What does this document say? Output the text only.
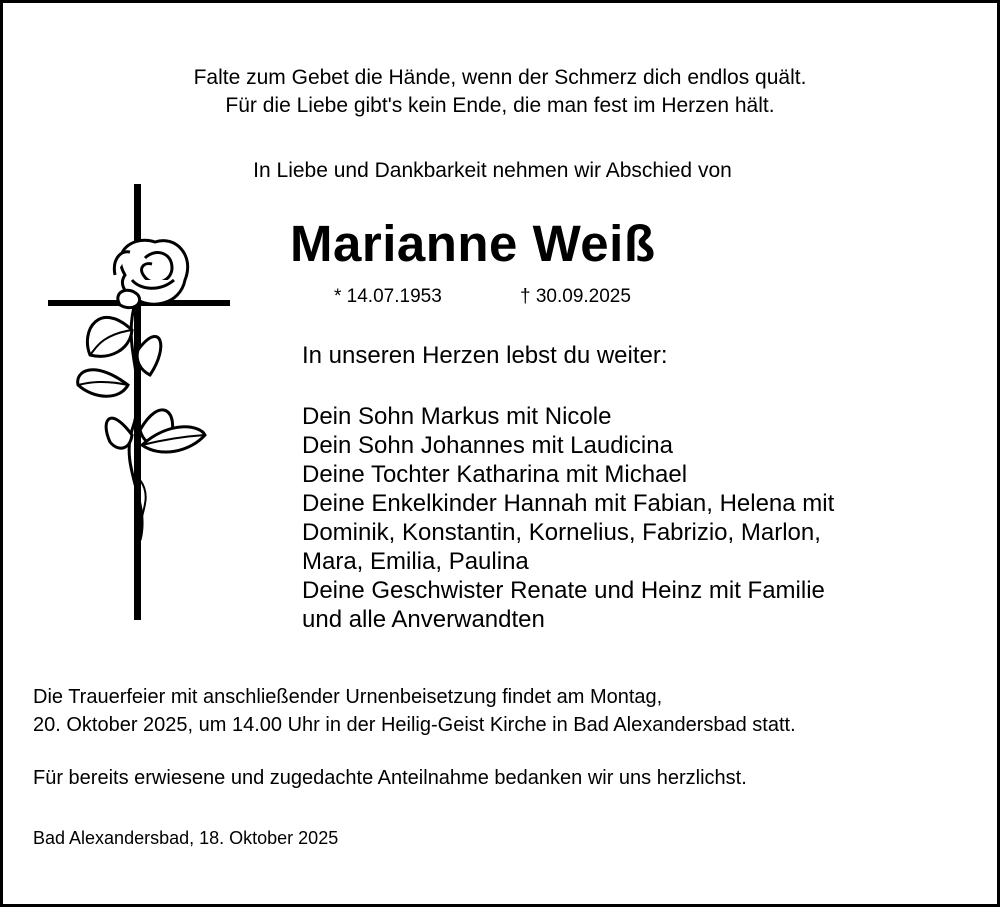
Falte zum Gebet die Hände, wenn der Schmerz dich endlos quält.
Für die Liebe gibt's kein Ende, die man fest im Herzen hält.
In Liebe und Dankbarkeit nehmen wir Abschied von
Marianne Weiß
* 14.07.1953	† 30.09.2025
In unseren Herzen lebst du weiter:
Dein Sohn Markus mit Nicole
Dein Sohn Johannes mit Laudicina
Deine Tochter Katharina mit Michael
Deine Enkelkinder Hannah mit Fabian, Helena mit
Dominik, Konstantin, Kornelius, Fabrizio, Marlon,
Mara, Emilia, Paulina
Deine Geschwister Renate und Heinz mit Familie
und alle Anverwandten
Die Trauerfeier mit anschließender Urnenbeisetzung findet am Montag,
20. Oktober 2025, um 14.00 Uhr in der Heilig-Geist Kirche in Bad Alexandersbad statt.
Für bereits erwiesene und zugedachte Anteilnahme bedanken wir uns herzlichst.
Bad Alexandersbad, 18. Oktober 2025
